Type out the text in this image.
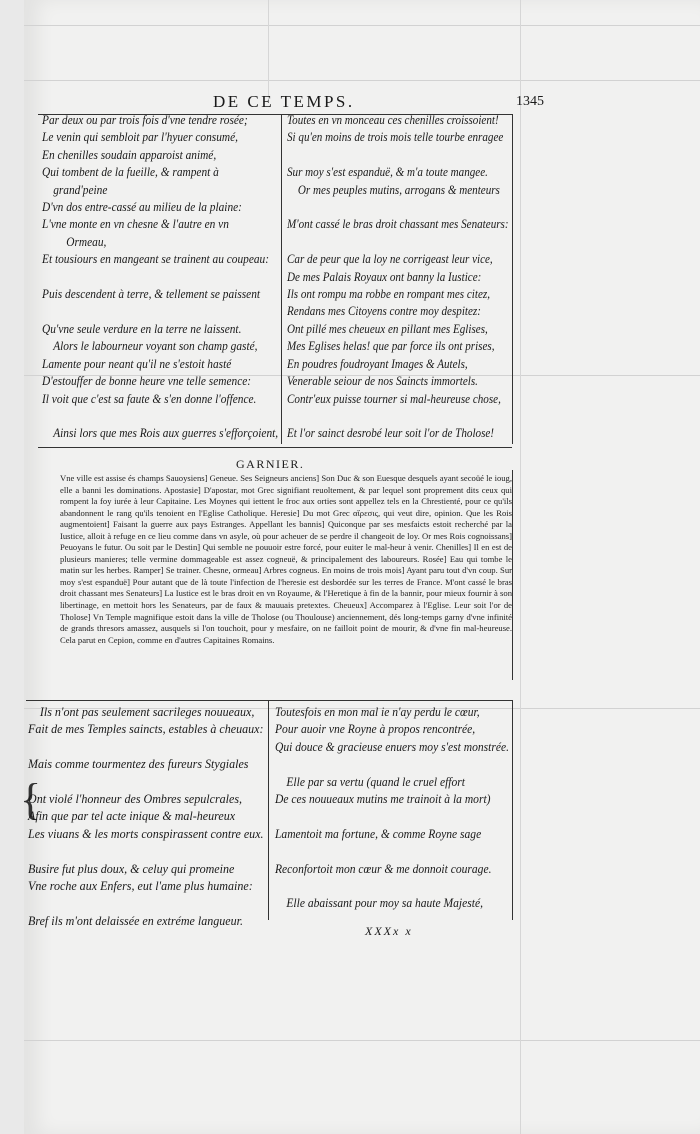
DE CE TEMPS.	1345
Par deux ou par trois fois d'vne tendre rosée;
Le venin qui sembloit par l'hyuer consumé,
En chenilles soudain apparoist animé,
Qui tombent de la fueille, & rampent à
grand'peine
D'vn dos entre-cassé au milieu de la plaine:
L'vne monte en vn chesne & l'autre en vn
Ormeau,
Et tousiours en mangeant se trainent au coupeau:

Puis descendent à terre, & tellement se paissent

Qu'vne seule verdure en la terre ne laissent.
Alors le labourneur voyant son champ gasté,
Lamente pour neant qu'il ne s'estoit hasté
D'estouffer de bonne heure vne telle semence:
Il voit que c'est sa faute & s'en donne l'offence.

Ainsi lors que mes Rois aux guerres s'efforçoient,
Toutes en vn monceau ces chenilles croissoient!
Si qu'en moins de trois mois telle tourbe enragee

Sur moy s'est espanduë, & m'a toute mangee.
Or mes peuples mutins, arrogans & menteurs

M'ont cassé le bras droit chassant mes Senateurs:

Car de peur que la loy ne corrigeast leur vice,
De mes Palais Royaux ont banny la Iustice:
Ils ont rompu ma robbe en rompant mes citez,
Rendans mes Citoyens contre moy despitez:
Ont pillé mes cheueux en pillant mes Eglises,
Mes Eglises helas! que par force ils ont prises,
En poudres foudroyant Images & Autels,
Venerable seiour de nos Saincts immortels.
Contr'eux puisse tourner si mal-heureuse chose,

Et l'or sainct desrobé leur soit l'or de Tholose!
GARNIER.

Vne ville est assise és champs Sauoysiens] Geneue. Ses Seigneurs anciens] Son Duc & son Euesque desquels ayant secoüé le ioug, elle a banni les dominations. Apostasie] D'apostar, mot Grec signifiant reuoltement, & par lequel sont proprement dits ceux qui rompent la foy iurée à leur Capitaine. Les Moynes qui iettent le froc aux orties sont appellez tels en la Chrestienté, pour ce qu'ils abandonnent le rang qu'ils tenoient en l'Eglise Catholique. Heresie] Du mot Grec αἵρεσις, qui veut dire, opinion. Que les Rois augmentoient] Faisant la guerre aux pays Estranges. Appellant les bannis] Quiconque par ses mesfaicts estoit recherché par la Iustice, alloit à refuge en ce lieu comme dans vn asyle, où pour acheuer de se perdre il changeoit de loy. Or mes Rois cognoissans] Peuoyans le futur. Ou soit par le Destin] Qui semble ne pouuoir estre forcé, pour euiter le mal-heur à venir. Chenilles] Il en est de plusieurs manieres; telle vermine dommageable est assez cogneuë, & principalement des laboureurs. Rosée] Eau qui tombe le matin sur les herbes. Ramper] Se trainer. Chesne, ormeau] Arbres cogneus. En moins de trois mois] Ayant paru tout d'vn coup. Sur moy s'est espanduë] Pour autant que de là toute l'infection de l'heresie est desbordée sur les terres de France. M'ont cassé le bras droit chassant mes Senateurs] La Iustice est le bras droit en vn Royaume, & l'Heretique à fin de la bannir, pour mieux fournir à son libertinage, en mettoit hors les Senateurs, par de faux & mauuais pretextes. Cheueux] Accomparez à l'Eglise. Leur soit l'or de Tholose] Vn Temple magnifique estoit dans la ville de Tholose (ou Thoulouse) anciennement, dés long-temps garny d'vne infinité de grands thresors amassez, ausquels si l'on touchoit, pour y mesfaire, on ne failloit point de mourir, & d'vne fin mal-heureuse. Cela parut en Cepion, comme en d'autres Capitaines Romains.

{
Ils n'ont pas seulement sacrileges nouueaux,
Fait de mes Temples saincts, estables à cheuaux:

Mais comme tourmentez des fureurs Stygiales

Ont violé l'honneur des Ombres sepulcrales,
Afin que par tel acte inique & mal-heureux
Les viuans & les morts conspirassent contre eux.

Busire fut plus doux, & celuy qui promeine
Vne roche aux Enfers, eut l'ame plus humaine:

Bref ils m'ont delaissée en extréme langueur.
Toutesfois en mon mal ie n'ay perdu le cœur,
Pour auoir vne Royne à propos rencontrée,
Qui douce & gracieuse enuers moy s'est monstrée.

Elle par sa vertu (quand le cruel effort
De ces nouueaux mutins me trainoit à la mort)

Lamentoit ma fortune, & comme Royne sage

Reconfortoit mon cœur & me donnoit courage.

Elle abaissant pour moy sa haute Majesté,
XXXx x
